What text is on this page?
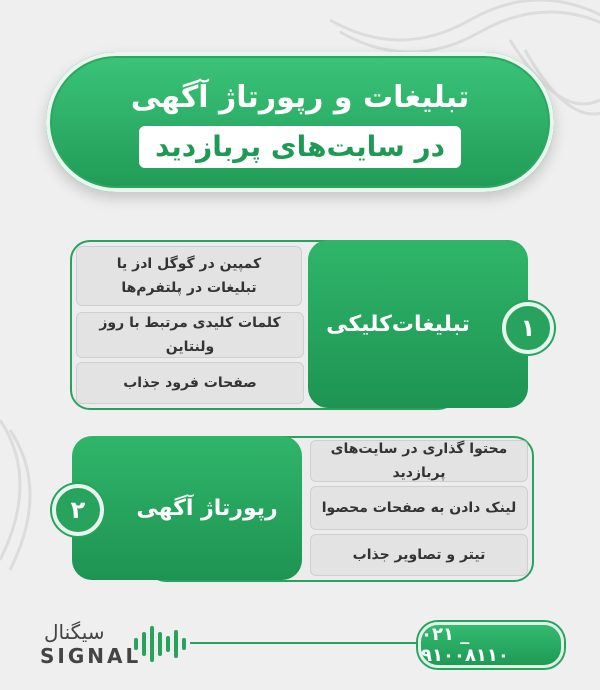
تبلیغات و رپورتاژ آگهی
در سایت‌های پربازدید
تبلیغات‌کلیکی	۱
کمپین در گوگل ادز یا تبلیغات در پلتفرم‌ها
کلمات کلیدی مرتبط با روز ولنتاین
صفحات فرود جذاب
رپورتاژ آگهی
۲
محتوا گذاری در سایت‌های پربازدید
لینک دادن به صفحات محصوا
تیتر و تصاویر جذاب
سیگنال
SIGNAL
۰۲۱ _ ۹۱۰۰۸۱۱۰
